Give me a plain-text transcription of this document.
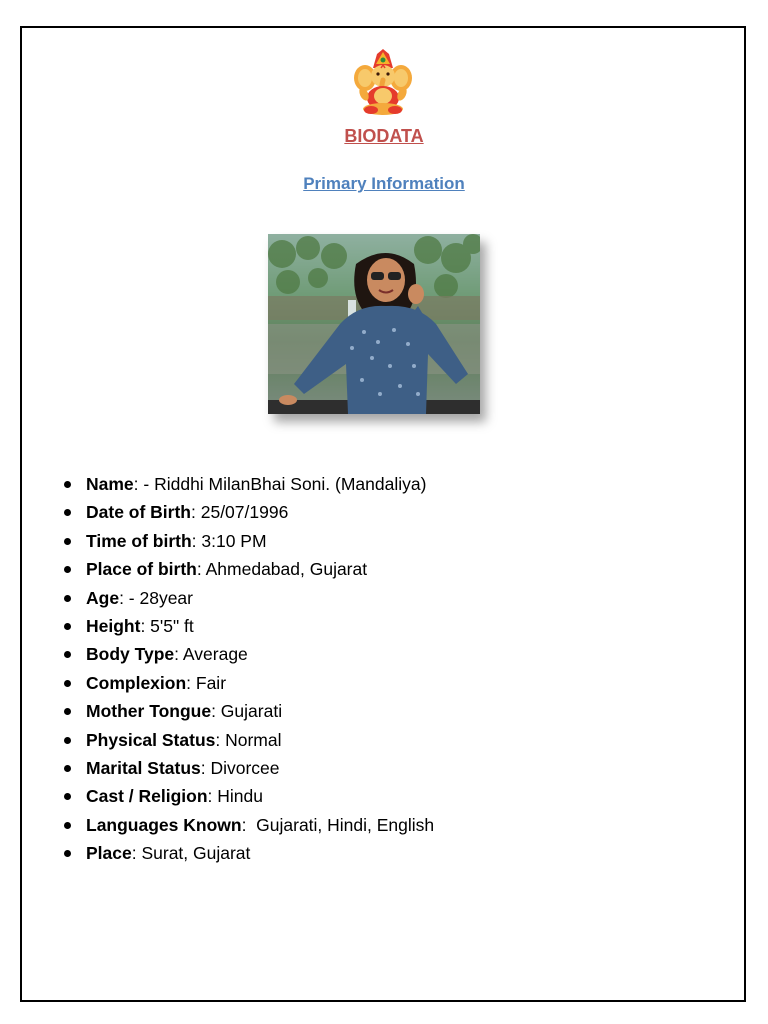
BIODATA
Primary Information
Name: - Riddhi MilanBhai Soni. (Mandaliya)
Date of Birth: 25/07/1996
Time of birth: 3:10 PM
Place of birth: Ahmedabad, Gujarat
Age: - 28year
Height: 5'5" ft
Body Type: Average
Complexion: Fair
Mother Tongue: Gujarati
Physical Status: Normal
Marital Status: Divorcee
Cast / Religion: Hindu
Languages Known:  Gujarati, Hindi, English
Place: Surat, Gujarat
